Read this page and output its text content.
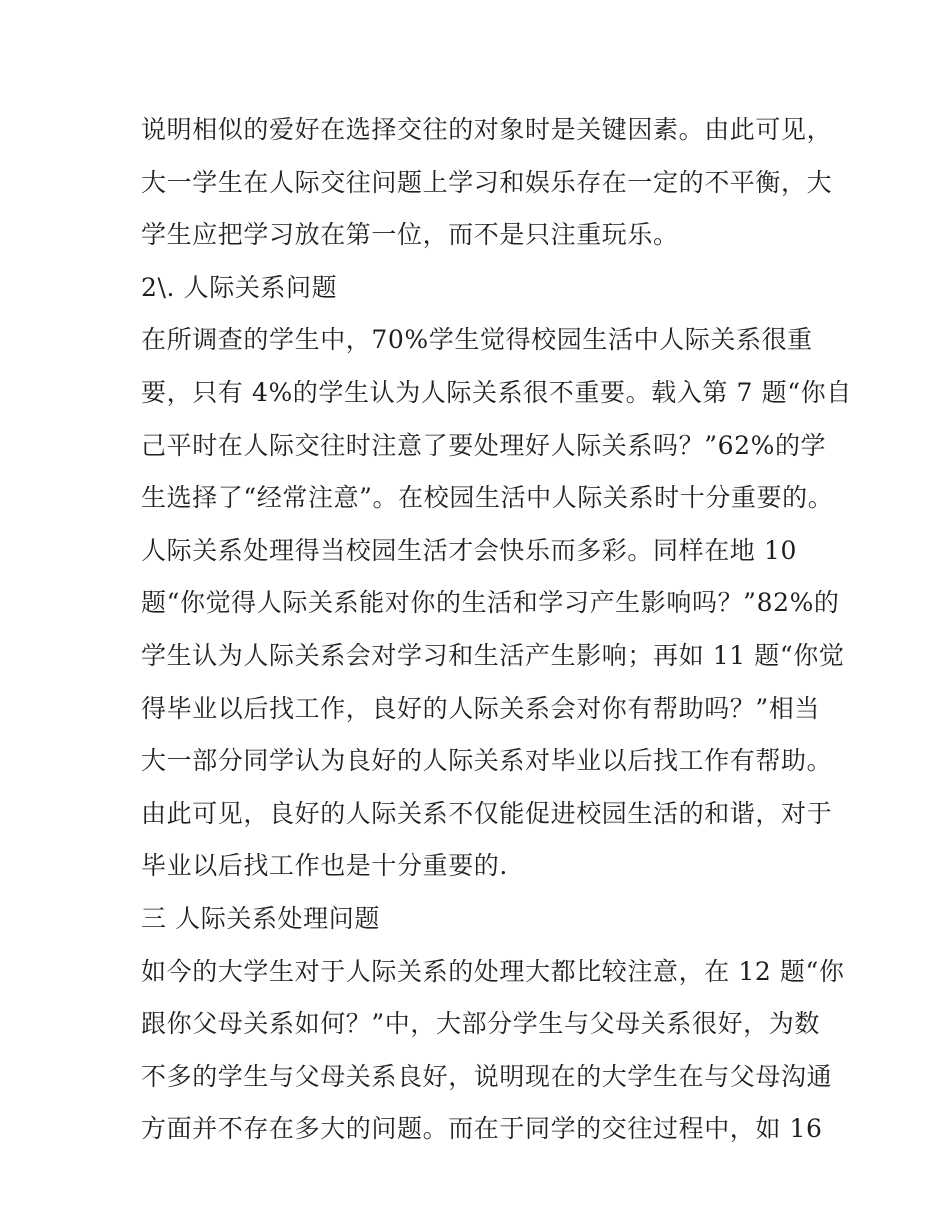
说明相似的爱好在选择交往的对象时是关键因素。由此可见，
大一学生在人际交往问题上学习和娱乐存在一定的不平衡，大
学生应把学习放在第一位，而不是只注重玩乐。
2\. 人际关系问题
在所调查的学生中，70%学生觉得校园生活中人际关系很重
要，只有 4%的学生认为人际关系很不重要。载入第 7 题“你自
己平时在人际交往时注意了要处理好人际关系吗？”62%的学
生选择了“经常注意”。在校园生活中人际关系时十分重要的。
人际关系处理得当校园生活才会快乐而多彩。同样在地 10
题“你觉得人际关系能对你的生活和学习产生影响吗？”82%的
学生认为人际关系会对学习和生活产生影响；再如 11 题“你觉
得毕业以后找工作，良好的人际关系会对你有帮助吗？”相当
大一部分同学认为良好的人际关系对毕业以后找工作有帮助。
由此可见，良好的人际关系不仅能促进校园生活的和谐，对于
毕业以后找工作也是十分重要的.
三 人际关系处理问题
如今的大学生对于人际关系的处理大都比较注意，在 12 题“你
跟你父母关系如何？”中，大部分学生与父母关系很好，为数
不多的学生与父母关系良好，说明现在的大学生在与父母沟通
方面并不存在多大的问题。而在于同学的交往过程中，如 16
